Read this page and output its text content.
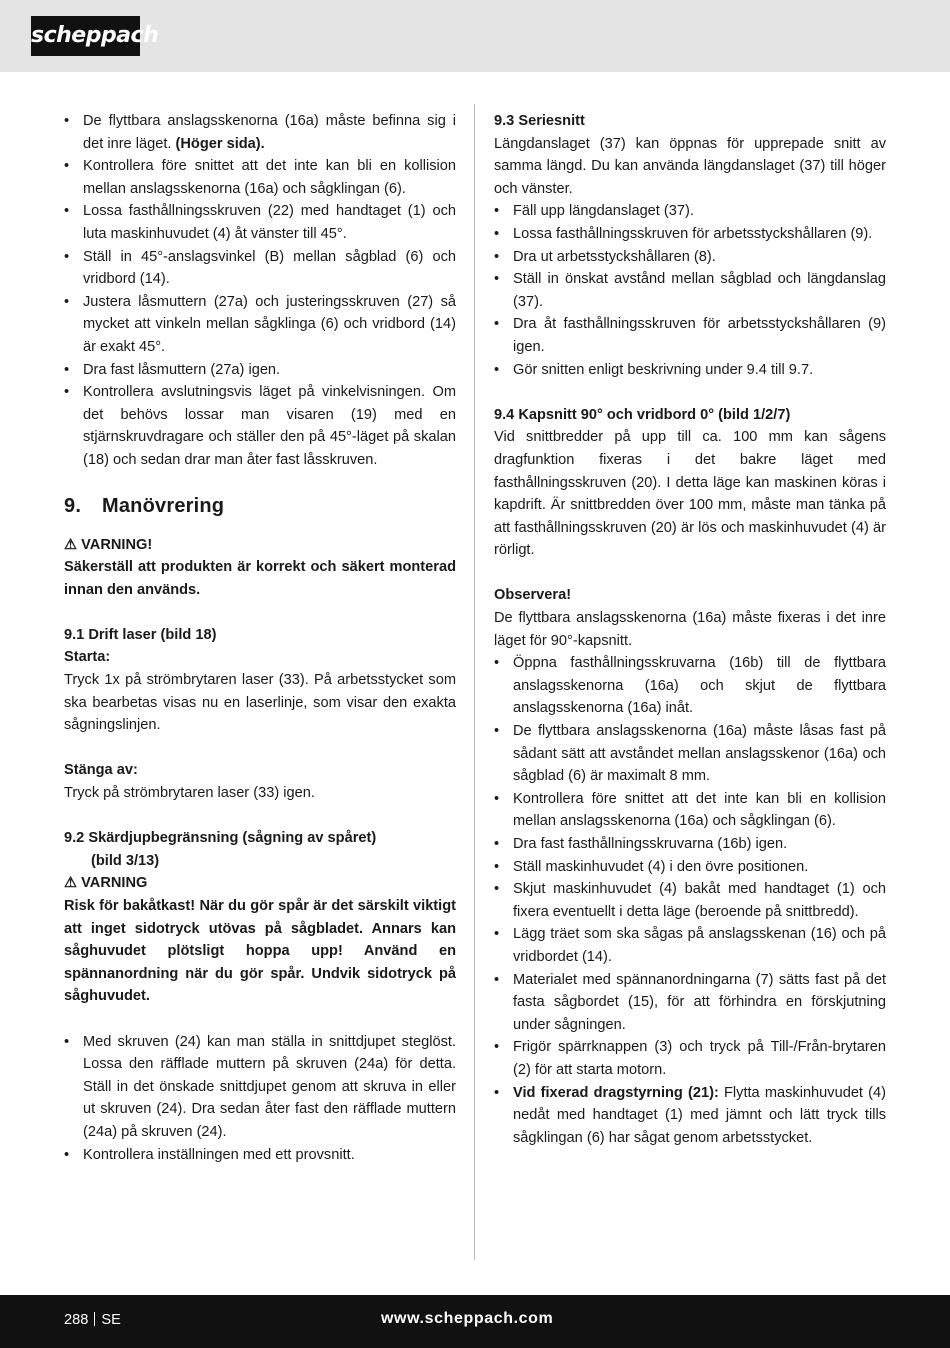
scheppach
• De flyttbara anslagsskenorna (16a) måste befinna sig i det inre läget. (Höger sida).
• Kontrollera före snittet att det inte kan bli en kollision mellan anslagsskenorna (16a) och sågklingan (6).
• Lossa fasthållningsskruven (22) med handtaget (1) och luta maskinhuvudet (4) åt vänster till 45°.
• Ställ in 45°-anslagsvinkel (B) mellan sågblad (6) och vridbord (14).
• Justera låsmuttern (27a) och justeringsskruven (27) så mycket att vinkeln mellan sågklinga (6) och vridbord (14) är exakt 45°.
• Dra fast låsmuttern (27a) igen.
• Kontrollera avslutningsvis läget på vinkelvisningen. Om det behövs lossar man visaren (19) med en stjärnskruvdragare och ställer den på 45°-läget på skalan (18) och sedan drar man åter fast låsskruven.
9. Manövrering

⚠ VARNING!

Säkerställ att produkten är korrekt och säkert monterad innan den används.

9.1 Drift laser (bild 18)

Starta:

Tryck 1x på strömbrytaren laser (33). På arbetsstycket som ska bearbetas visas nu en laserlinje, som visar den exakta sågningslinjen.

Stänga av:

Tryck på strömbrytaren laser (33) igen.

9.2 Skärdjupbegränsning (sågning av spåret)

(bild 3/13)

⚠ VARNING

Risk för bakåtkast! När du gör spår är det särskilt viktigt att inget sidotryck utövas på sågbladet. Annars kan såghuvudet plötsligt hoppa upp! Använd en spännanordning när du gör spår. Undvik sidotryck på såghuvudet.

• Med skruven (24) kan man ställa in snittdjupet steglöst. Lossa den räfflade muttern på skruven (24a) för detta. Ställ in det önskade snittdjupet genom att skruva in eller ut skruven (24). Dra sedan åter fast den räfflade muttern (24a) på skruven (24).
• Kontrollera inställningen med ett provsnitt.

9.3 Seriesnitt

Längdanslaget (37) kan öppnas för upprepade snitt av samma längd. Du kan använda längdanslaget (37) till höger och vänster.

• Fäll upp längdanslaget (37).
• Lossa fasthållningsskruven för arbetsstyckshållaren (9).
• Dra ut arbetsstyckshållaren (8).
• Ställ in önskat avstånd mellan sågblad och längdanslag (37).
• Dra åt fasthållningsskruven för arbetsstyckshållaren (9) igen.
• Gör snitten enligt beskrivning under 9.4 till 9.7.

9.4 Kapsnitt 90° och vridbord 0° (bild 1/2/7)

Vid snittbredder på upp till ca. 100 mm kan sågens dragfunktion fixeras i det bakre läget med fasthållningsskruven (20). I detta läge kan maskinen köras i kapdrift. Är snittbredden över 100 mm, måste man tänka på att fasthållningsskruven (20) är lös och maskinhuvudet (4) är rörligt.

Observera!

De flyttbara anslagsskenorna (16a) måste fixeras i det inre läget för 90°-kapsnitt.

• Öppna fasthållningsskruvarna (16b) till de flyttbara anslagsskenorna (16a) och skjut de flyttbara anslagsskenorna (16a) inåt.
• De flyttbara anslagsskenorna (16a) måste låsas fast på sådant sätt att avståndet mellan anslagsskenor (16a) och sågblad (6) är maximalt 8 mm.
• Kontrollera före snittet att det inte kan bli en kollision mellan anslagsskenorna (16a) och sågklingan (6).
• Dra fast fasthållningsskruvarna (16b) igen.
• Ställ maskinhuvudet (4) i den övre positionen.
• Skjut maskinhuvudet (4) bakåt med handtaget (1) och fixera eventuellt i detta läge (beroende på snittbredd).
• Lägg träet som ska sågas på anslagsskenan (16) och på vridbordet (14).
• Materialet med spännanordningarna (7) sätts fast på det fasta sågbordet (15), för att förhindra en förskjutning under sågningen.
• Frigör spärrknappen (3) och tryck på Till-/Från-brytaren (2) för att starta motorn.
• Vid fixerad dragstyrning (21): Flytta maskinhuvudet (4) nedåt med handtaget (1) med jämnt och lätt tryck tills sågklingan (6) har sågat genom arbetsstycket.
288 SE	www.scheppach.com
